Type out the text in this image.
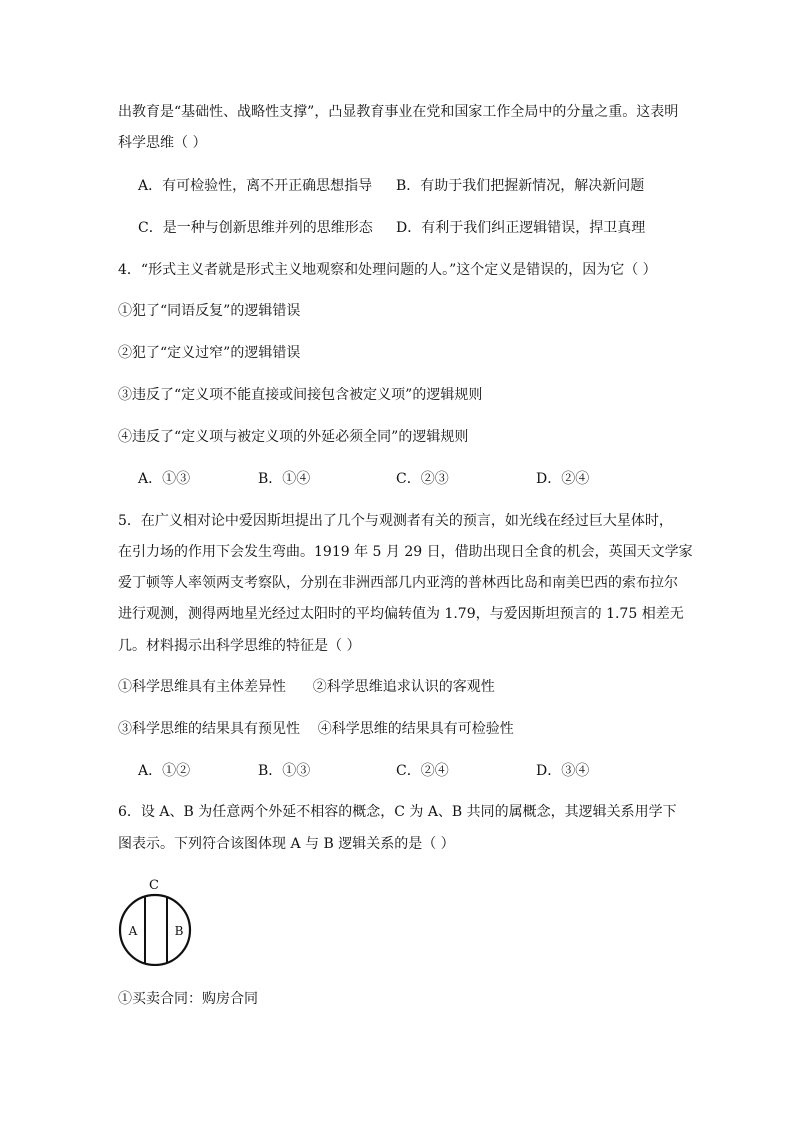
出教育是“基础性、战略性支撑”，凸显教育事业在党和国家工作全局中的分量之重。这表明
科学思维（ ）
A．有可检验性，离不开正确思想指导 B．有助于我们把握新情况，解决新问题
C．是一种与创新思维并列的思维形态 D．有利于我们纠正逻辑错误，捍卫真理
4．“形式主义者就是形式主义地观察和处理问题的人。”这个定义是错误的，因为它（ ）
①犯了“同语反复”的逻辑错误
②犯了“定义过窄”的逻辑错误
③违反了“定义项不能直接或间接包含被定义项”的逻辑规则
④违反了“定义项与被定义项的外延必须全同”的逻辑规则
A．①③	B．①④	C．②③	D．②④
5．在广义相对论中爱因斯坦提出了几个与观测者有关的预言，如光线在经过巨大星体时，
在引力场的作用下会发生弯曲。1919 年 5 月 29 日，借助出现日全食的机会，英国天文学家
爱丁顿等人率领两支考察队，分别在非洲西部几内亚湾的普林西比岛和南美巴西的索布拉尔
进行观测，测得两地星光经过太阳时的平均偏转值为 1.79，与爱因斯坦预言的 1.75 相差无
几。材料揭示出科学思维的特征是（ ）
①科学思维具有主体差异性      ②科学思维追求认识的客观性
③科学思维的结果具有预见性    ④科学思维的结果具有可检验性
A．①②	B．①③	C．②④	D．③④
6．设 A、B 为任意两个外延不相容的概念，C 为 A、B 共同的属概念，其逻辑关系用学下
图表示。下列符合该图体现 A 与 B 逻辑关系的是（ ）
C
A	B
①买卖合同：购房合同
